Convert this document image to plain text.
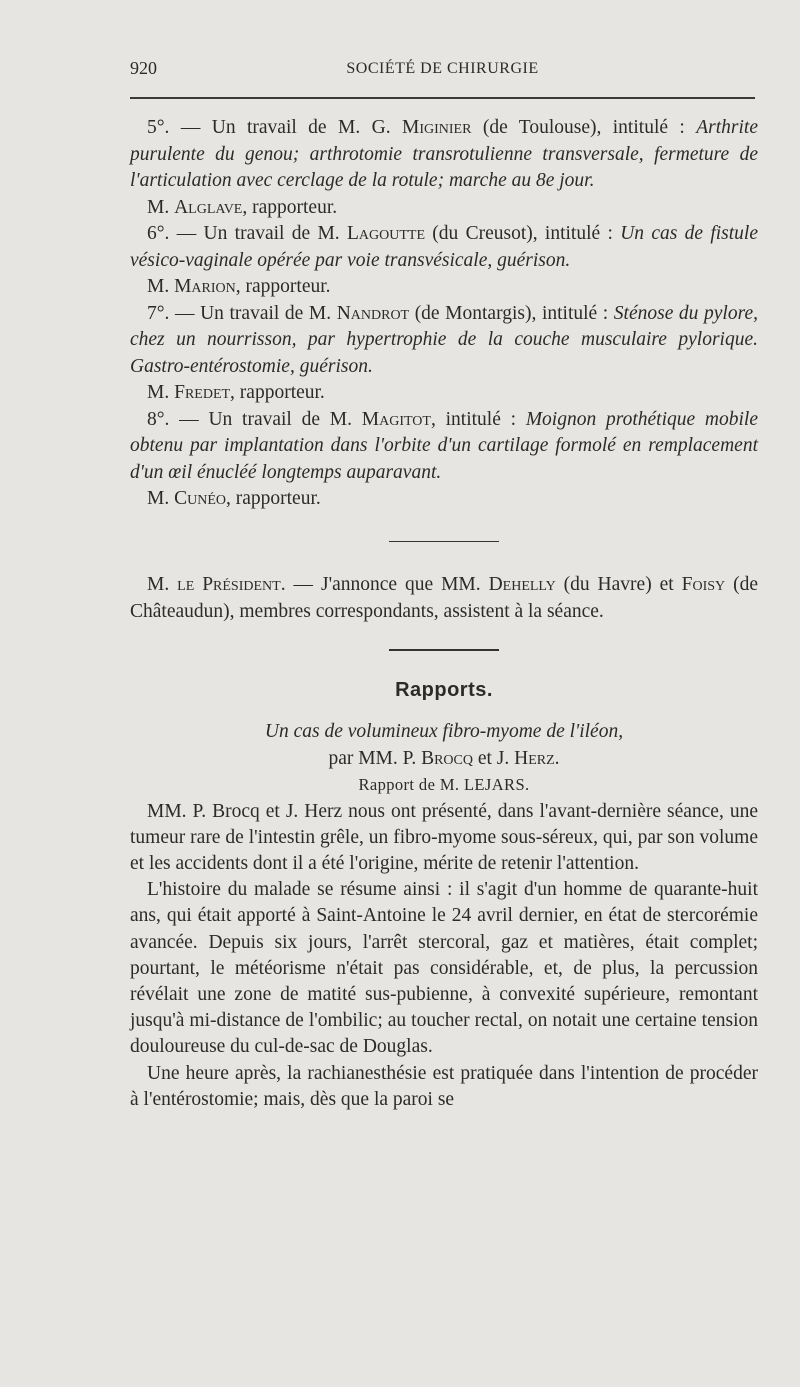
920	SOCIÉTÉ DE CHIRURGIE

5°. — Un travail de M. G. Miginier (de Toulouse), intitulé : Arthrite purulente du genou; arthrotomie transrotulienne transversale, fermeture de l'articulation avec cerclage de la rotule; marche au 8e jour.

M. Alglave, rapporteur.

6°. — Un travail de M. Lagoutte (du Creusot), intitulé : Un cas de fistule vésico-vaginale opérée par voie transvésicale, guérison.

M. Marion, rapporteur.

7°. — Un travail de M. Nandrot (de Montargis), intitulé : Sténose du pylore, chez un nourrisson, par hypertrophie de la couche musculaire pylorique. Gastro-entérostomie, guérison.

M. Fredet, rapporteur.

8°. — Un travail de M. Magitot, intitulé : Moignon prothétique mobile obtenu par implantation dans l'orbite d'un cartilage formolé en remplacement d'un œil énucléé longtemps auparavant.

M. Cunéo, rapporteur.

M. le Président. — J'annonce que MM. Dehelly (du Havre) et Foisy (de Châteaudun), membres correspondants, assistent à la séance.

Rapports.

Un cas de volumineux fibro-myome de l'iléon,

par MM. P. Brocq et J. Herz.

Rapport de M. LEJARS.

MM. P. Brocq et J. Herz nous ont présenté, dans l'avant-dernière séance, une tumeur rare de l'intestin grêle, un fibro-myome sous-séreux, qui, par son volume et les accidents dont il a été l'origine, mérite de retenir l'attention.

L'histoire du malade se résume ainsi : il s'agit d'un homme de quarante-huit ans, qui était apporté à Saint-Antoine le 24 avril dernier, en état de stercorémie avancée. Depuis six jours, l'arrêt stercoral, gaz et matières, était complet; pourtant, le météorisme n'était pas considérable, et, de plus, la percussion révélait une zone de matité sus-pubienne, à convexité supérieure, remontant jusqu'à mi-distance de l'ombilic; au toucher rectal, on notait une certaine tension douloureuse du cul-de-sac de Douglas.

Une heure après, la rachianesthésie est pratiquée dans l'intention de procéder à l'entérostomie; mais, dès que la paroi se
